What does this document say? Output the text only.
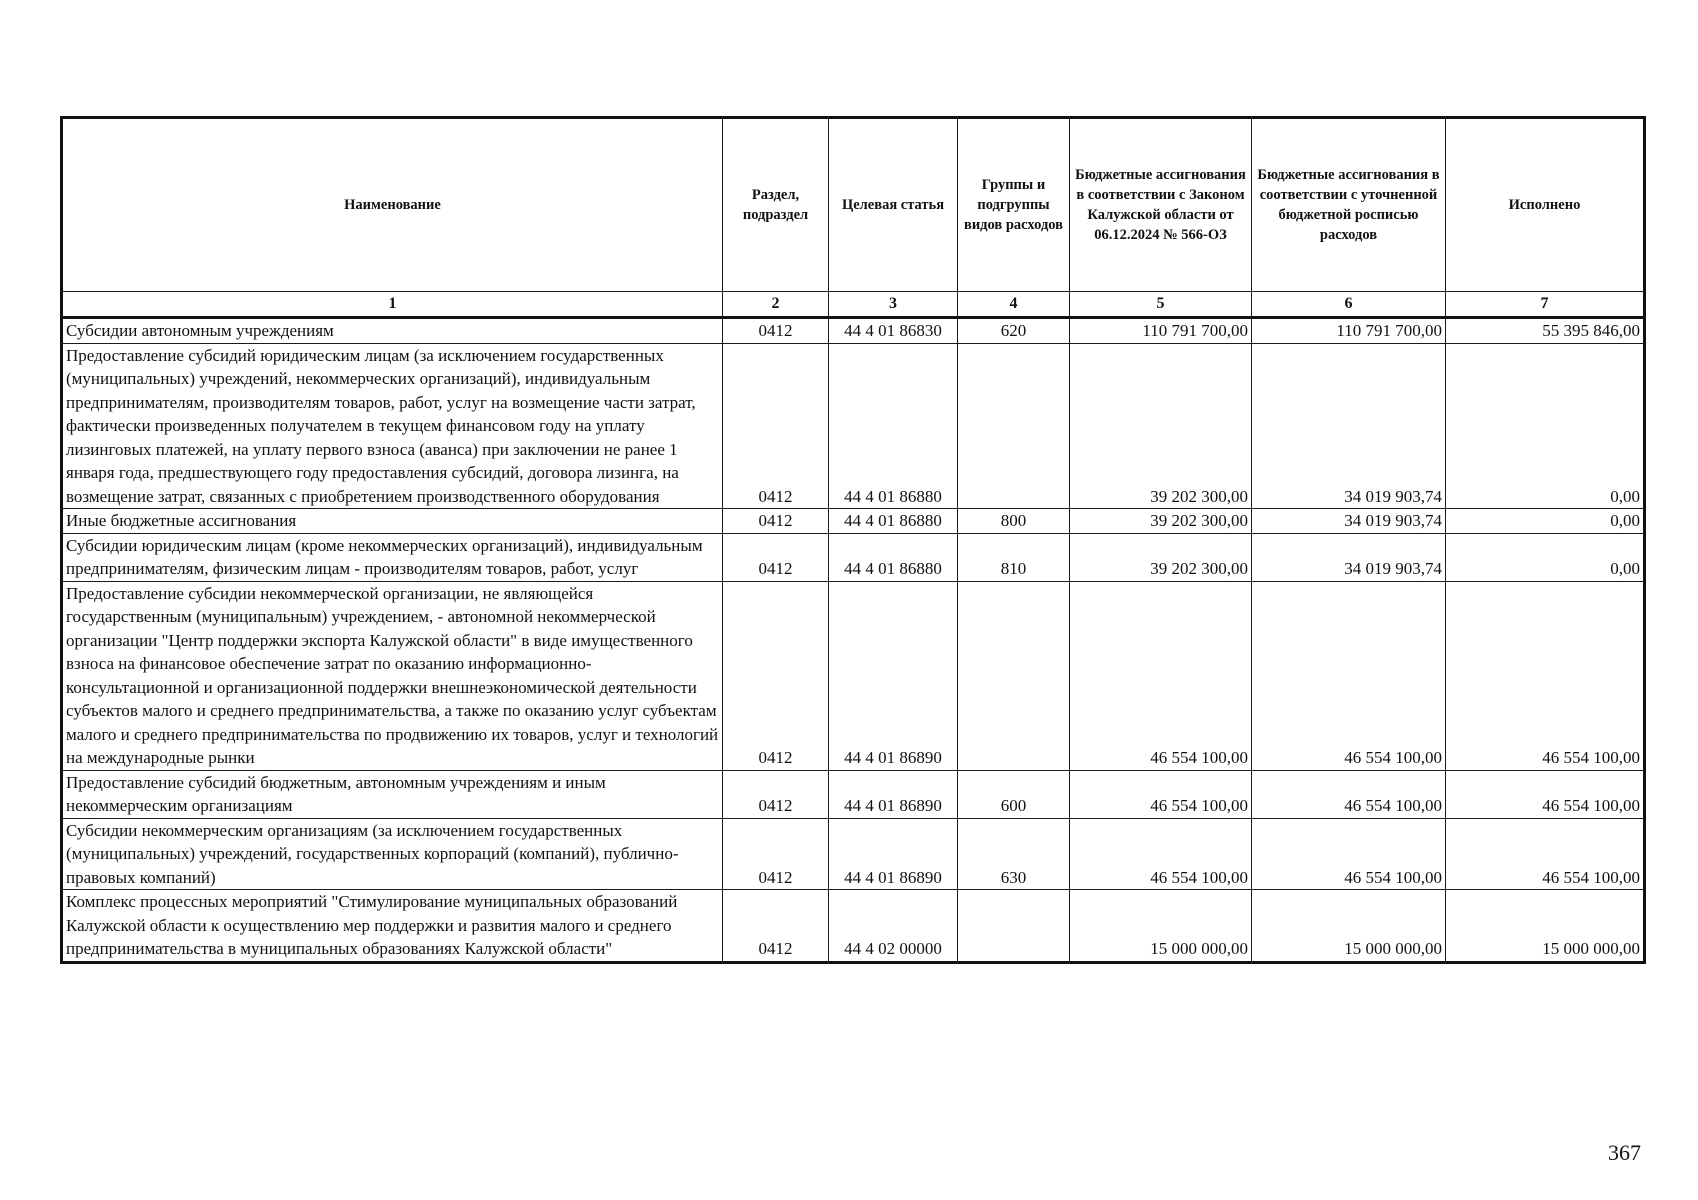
Наименование	Раздел, подраздел	Целевая статья	Группы и подгруппы видов расходов	Бюджетные ассигнования в соответствии с Законом Калужской области от 06.12.2024 № 566-ОЗ	Бюджетные ассигнования в соответствии с уточненной бюджетной росписью расходов	Исполнено
1	2	3	4	5	6	7
Субсидии автономным учреждениям	0412	44 4 01 86830	620	110 791 700,00	110 791 700,00	55 395 846,00
Предоставление субсидий юридическим лицам (за исключением государственных (муниципальных) учреждений, некоммерческих организаций), индивидуальным предпринимателям, производителям товаров, работ, услуг на возмещение части затрат, фактически произведенных получателем в текущем финансовом году на уплату лизинговых платежей, на уплату первого взноса (аванса) при заключении не ранее 1 января года, предшествующего году предоставления субсидий, договора лизинга, на возмещение затрат, связанных с приобретением производственного оборудования	0412	44 4 01 86880		39 202 300,00	34 019 903,74	0,00
Иные бюджетные ассигнования	0412	44 4 01 86880	800	39 202 300,00	34 019 903,74	0,00
Субсидии юридическим лицам (кроме некоммерческих организаций), индивидуальным предпринимателям, физическим лицам - производителям товаров, работ, услуг	0412	44 4 01 86880	810	39 202 300,00	34 019 903,74	0,00
Предоставление субсидии некоммерческой организации, не являющейся государственным (муниципальным) учреждением, - автономной некоммерческой организации "Центр поддержки экспорта Калужской области" в виде имущественного взноса на финансовое обеспечение затрат по оказанию информационно-консультационной и организационной поддержки внешнеэкономической деятельности субъектов малого и среднего предпринимательства, а также по оказанию услуг субъектам малого и среднего предпринимательства по продвижению их товаров, услуг и технологий на международные рынки	0412	44 4 01 86890		46 554 100,00	46 554 100,00	46 554 100,00
Предоставление субсидий бюджетным, автономным учреждениям и иным некоммерческим организациям	0412	44 4 01 86890	600	46 554 100,00	46 554 100,00	46 554 100,00
Субсидии некоммерческим организациям (за исключением государственных (муниципальных) учреждений, государственных корпораций (компаний), публично-правовых компаний)	0412	44 4 01 86890	630	46 554 100,00	46 554 100,00	46 554 100,00
Комплекс процессных мероприятий "Стимулирование муниципальных образований Калужской области к осуществлению мер поддержки и развития малого и среднего предпринимательства в муниципальных образованиях Калужской области"	0412	44 4 02 00000		15 000 000,00	15 000 000,00	15 000 000,00
367
